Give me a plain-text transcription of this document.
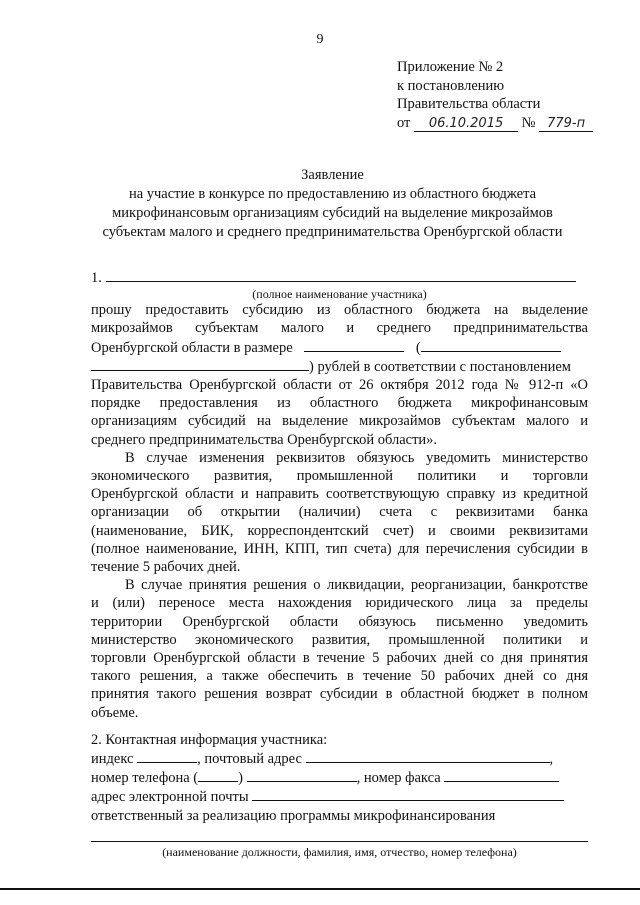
9
Приложение № 2
к постановлению
Правительства области
от 06.10.2015 № 779-п
Заявление
на участие в конкурсе по предоставлению из областного бюджета
микрофинансовым организациям субсидий на выделение микрозаймов
субъектам малого и среднего предпринимательства Оренбургской области
1.
(полное наименование участника)
прошу предоставить субсидию из областного бюджета на выделение
микрозаймов субъектам малого и среднего предпринимательства
Оренбургской области в размере	(
) рублей в соответствии с постановлением
Правительства Оренбургской области от 26 октября 2012 года № 912-п «О
порядке предоставления из областного бюджета микрофинансовым
организациям субсидий на выделение микрозаймов субъектам малого и
среднего предпринимательства Оренбургской области».
В случае изменения реквизитов обязуюсь уведомить министерство
экономического развития, промышленной политики и торговли
Оренбургской области и направить соответствующую справку из кредитной
организации об открытии (наличии) счета с реквизитами банка
(наименование, БИК, корреспондентский счет) и своими реквизитами
(полное наименование, ИНН, КПП, тип счета) для перечисления субсидии в
течение 5 рабочих дней.
В случае принятия решения о ликвидации, реорганизации, банкротстве
и (или) переносе места нахождения юридического лица за пределы
территории Оренбургской области обязуюсь письменно уведомить
министерство экономического развития, промышленной политики и
торговли Оренбургской области в течение 5 рабочих дней со дня принятия
такого решения, а также обеспечить в течение 50 рабочих дней со дня
принятия такого решения возврат субсидии в областной бюджет в полном
объеме.
2. Контактная информация участника:
индекс	, почтовый адрес	,
номер телефона (	)	, номер факса
адрес электронной почты
ответственный за реализацию программы микрофинансирования
(наименование должности, фамилия, имя, отчество, номер телефона)
